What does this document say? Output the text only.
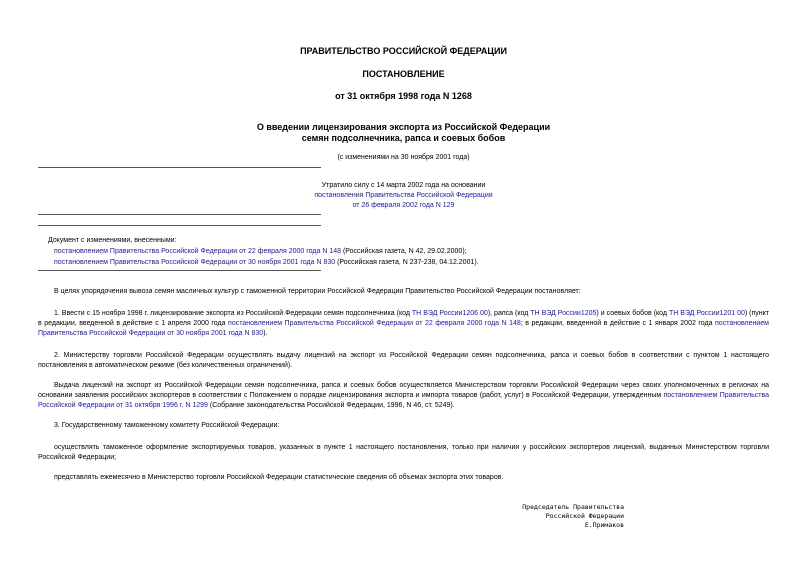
ПРАВИТЕЛЬСТВО РОССИЙСКОЙ ФЕДЕРАЦИИ
ПОСТАНОВЛЕНИЕ
от 31 октября 1998 года N 1268
О введении лицензирования экспорта из Российской Федерации
семян подсолнечника, рапса и соевых бобов
(с изменениями на 30 ноября 2001 года)
Утратило силу с 14 марта 2002 года на основании
постановления Правительства Российской Федерации
от 26 февраля 2002 года N 129
Документ с изменениями, внесенными:
постановлением Правительства Российской Федерации от 22 февраля 2000 года N 148 (Российская газета, N 42, 29.02.2000);
постановлением Правительства Российской Федерации от 30 ноября 2001 года N 830 (Российская газета, N 237-238, 04.12.2001).
В целях упорядочения вывоза семян масличных культур с таможенной территории Российской Федерации Правительство Российской Федерации постановляет:
1. Ввести с 15 ноября 1998 г. лицензирование экспорта из Российской Федерации семян подсолнечника (код ТН ВЭД России1206 00), рапса (код ТН ВЭД России1205) и соевых бобов (код ТН ВЭД России1201 00) (пункт в редакции, введенной в действие с 1 апреля 2000 года постановлением Правительства Российской Федерации от 22 февраля 2000 года N 148; в редакции, введенной в действие с 1 января 2002 года постановлением Правительства Российской Федерации от 30 ноября 2001 года N 830).
2. Министерству торговли Российской Федерации осуществлять выдачу лицензий на экспорт из Российской Федерации семян подсолнечника, рапса и соевых бобов в соответствии с пунктом 1 настоящего постановления в автоматическом режиме (без количественных ограничений).
Выдача лицензий на экспорт из Российской Федерации семян подсолнечника, рапса и соевых бобов осуществляется Министерством торговли Российской Федерации через своих уполномоченных в регионах на основании заявления российских экспортеров в соответствии с Положением о порядке лицензирования экспорта и импорта товаров (работ, услуг) в Российской Федерации, утвержденным постановлением Правительства Российской Федерации от 31 октября 1996 г. N 1299 (Собрание законодательства Российской Федерации, 1996, N 46, ст. 5249).
3. Государственному таможенному комитету Российской Федерации:
осуществлять таможенное оформление экспортируемых товаров, указанных в пункте 1 настоящего постановления, только при наличии у российских экспортеров лицензий, выданных Министерством торговли Российской Федерации;
представлять ежемесячно в Министерство торговли Российской Федерации статистические сведения об объемах экспорта этих товаров.
Председатель Правительства
Российской Федерации
Е.Примаков
